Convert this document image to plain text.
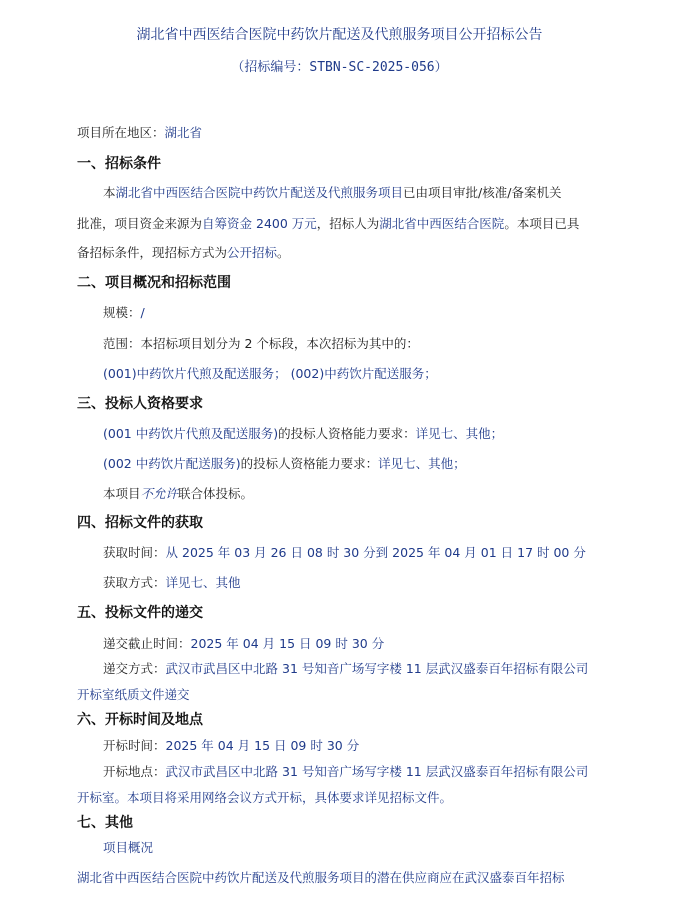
湖北省中西医结合医院中药饮片配送及代煎服务项目公开招标公告
（招标编号：STBN-SC-2025-056）
项目所在地区：湖北省
一、招标条件
本湖北省中西医结合医院中药饮片配送及代煎服务项目已由项目审批/核准/备案机关
批准，项目资金来源为自筹资金 2400 万元，招标人为湖北省中西医结合医院。本项目已具
备招标条件，现招标方式为公开招标。
二、项目概况和招标范围
规模：/
范围：本招标项目划分为 2 个标段，本次招标为其中的：
(001)中药饮片代煎及配送服务； (002)中药饮片配送服务；
三、投标人资格要求
(001 中药饮片代煎及配送服务)的投标人资格能力要求：详见七、其他；
(002 中药饮片配送服务)的投标人资格能力要求：详见七、其他；
本项目不允许联合体投标。
四、招标文件的获取
获取时间：从 2025 年 03 月 26 日 08 时 30 分到 2025 年 04 月 01 日 17 时 00 分
获取方式：详见七、其他
五、投标文件的递交
递交截止时间：2025 年 04 月 15 日 09 时 30 分
递交方式：武汉市武昌区中北路 31 号知音广场写字楼 11 层武汉盛泰百年招标有限公司
开标室纸质文件递交
六、开标时间及地点
开标时间：2025 年 04 月 15 日 09 时 30 分
开标地点：武汉市武昌区中北路 31 号知音广场写字楼 11 层武汉盛泰百年招标有限公司
开标室。本项目将采用网络会议方式开标，具体要求详见招标文件。
七、其他
项目概况
湖北省中西医结合医院中药饮片配送及代煎服务项目的潜在供应商应在武汉盛泰百年招标
